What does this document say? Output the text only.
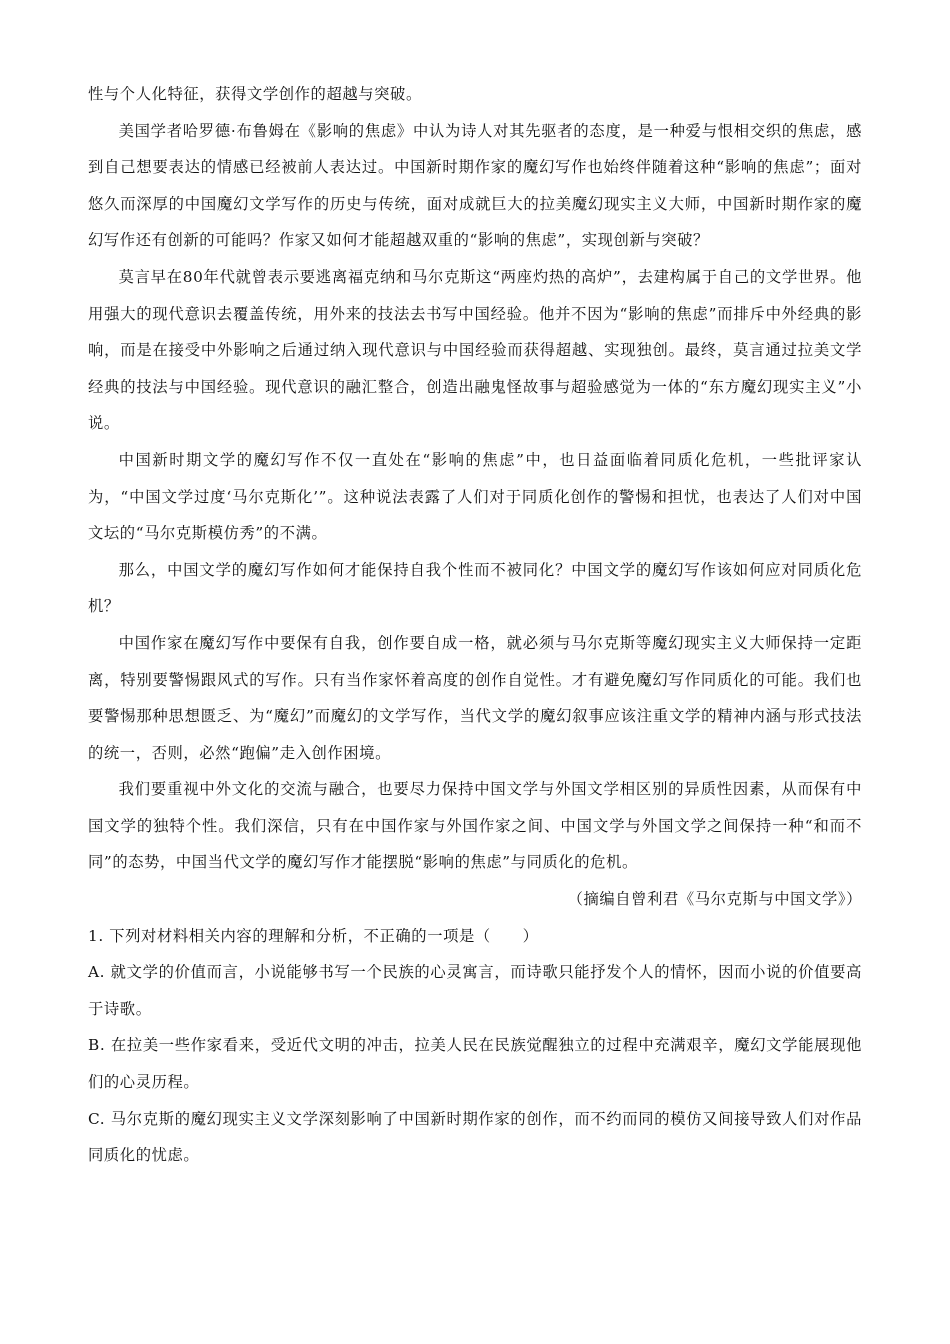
性与个人化特征，获得文学创作的超越与突破。

美国学者哈罗德·布鲁姆在《影响的焦虑》中认为诗人对其先驱者的态度，是一种爱与恨相交织的焦虑，感到自己想要表达的情感已经被前人表达过。中国新时期作家的魔幻写作也始终伴随着这种“影响的焦虑”；面对悠久而深厚的中国魔幻文学写作的历史与传统，面对成就巨大的拉美魔幻现实主义大师，中国新时期作家的魔幻写作还有创新的可能吗？作家又如何才能超越双重的“影响的焦虑”，实现创新与突破？

莫言早在80年代就曾表示要逃离福克纳和马尔克斯这“两座灼热的高炉”，去建构属于自己的文学世界。他用强大的现代意识去覆盖传统，用外来的技法去书写中国经验。他并不因为“影响的焦虑”而排斥中外经典的影响，而是在接受中外影响之后通过纳入现代意识与中国经验而获得超越、实现独创。最终，莫言通过拉美文学经典的技法与中国经验。现代意识的融汇整合，创造出融鬼怪故事与超验感觉为一体的“东方魔幻现实主义”小说。

中国新时期文学的魔幻写作不仅一直处在“影响的焦虑”中，也日益面临着同质化危机，一些批评家认为，“中国文学过度‘马尔克斯化’”。这种说法表露了人们对于同质化创作的警惕和担忧，也表达了人们对中国文坛的“马尔克斯模仿秀”的不满。

那么，中国文学的魔幻写作如何才能保持自我个性而不被同化？中国文学的魔幻写作该如何应对同质化危机？

中国作家在魔幻写作中要保有自我，创作要自成一格，就必须与马尔克斯等魔幻现实主义大师保持一定距离，特别要警惕跟风式的写作。只有当作家怀着高度的创作自觉性。才有避免魔幻写作同质化的可能。我们也要警惕那种思想匮乏、为“魔幻”而魔幻的文学写作，当代文学的魔幻叙事应该注重文学的精神内涵与形式技法的统一，否则，必然“跑偏”走入创作困境。

我们要重视中外文化的交流与融合，也要尽力保持中国文学与外国文学相区别的异质性因素，从而保有中国文学的独特个性。我们深信，只有在中国作家与外国作家之间、中国文学与外国文学之间保持一种“和而不同”的态势，中国当代文学的魔幻写作才能摆脱“影响的焦虑”与同质化的危机。

（摘编自曾利君《马尔克斯与中国文学》）

1. 下列对材料相关内容的理解和分析，不正确的一项是（　　）

A. 就文学的价值而言，小说能够书写一个民族的心灵寓言，而诗歌只能抒发个人的情怀，因而小说的价值要高于诗歌。

B. 在拉美一些作家看来，受近代文明的冲击，拉美人民在民族觉醒独立的过程中充满艰辛，魔幻文学能展现他们的心灵历程。

C. 马尔克斯的魔幻现实主义文学深刻影响了中国新时期作家的创作，而不约而同的模仿又间接导致人们对作品同质化的忧虑。
